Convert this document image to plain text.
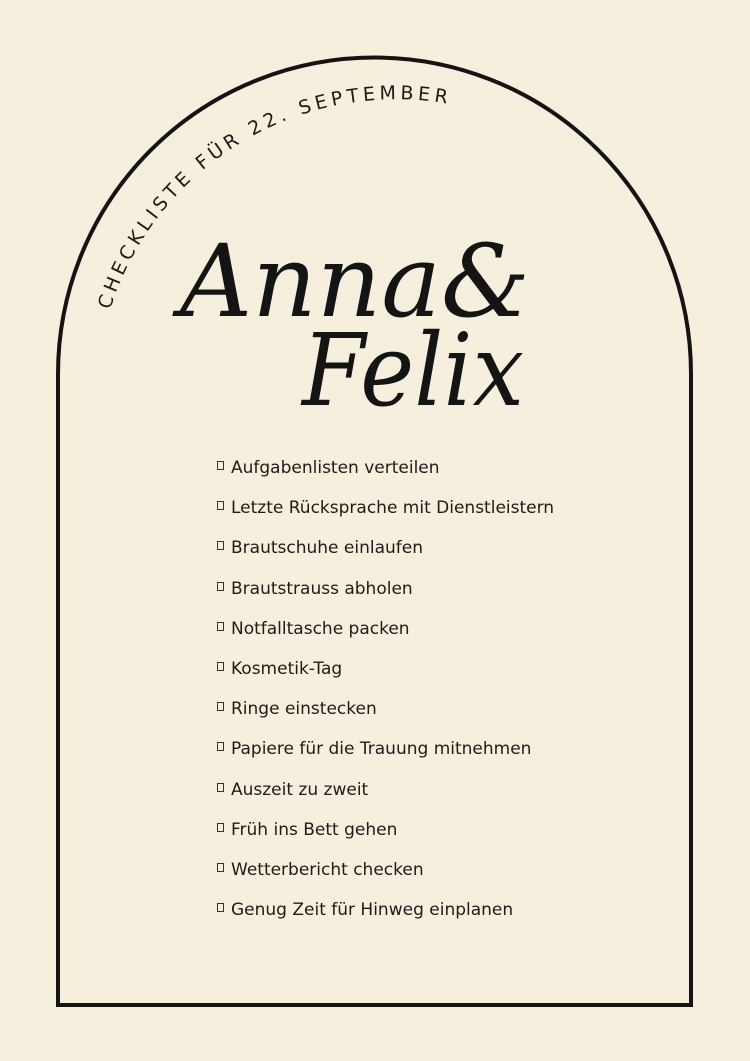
CHECKLISTE FÜR 22. SEPTEMBER
Anna&
Felix
Aufgabenlisten verteilen
Letzte Rücksprache mit Dienstleistern
Brautschuhe einlaufen
Brautstrauss abholen
Notfalltasche packen
Kosmetik-Tag
Ringe einstecken
Papiere für die Trauung mitnehmen
Auszeit zu zweit
Früh ins Bett gehen
Wetterbericht checken
Genug Zeit für Hinweg einplanen
